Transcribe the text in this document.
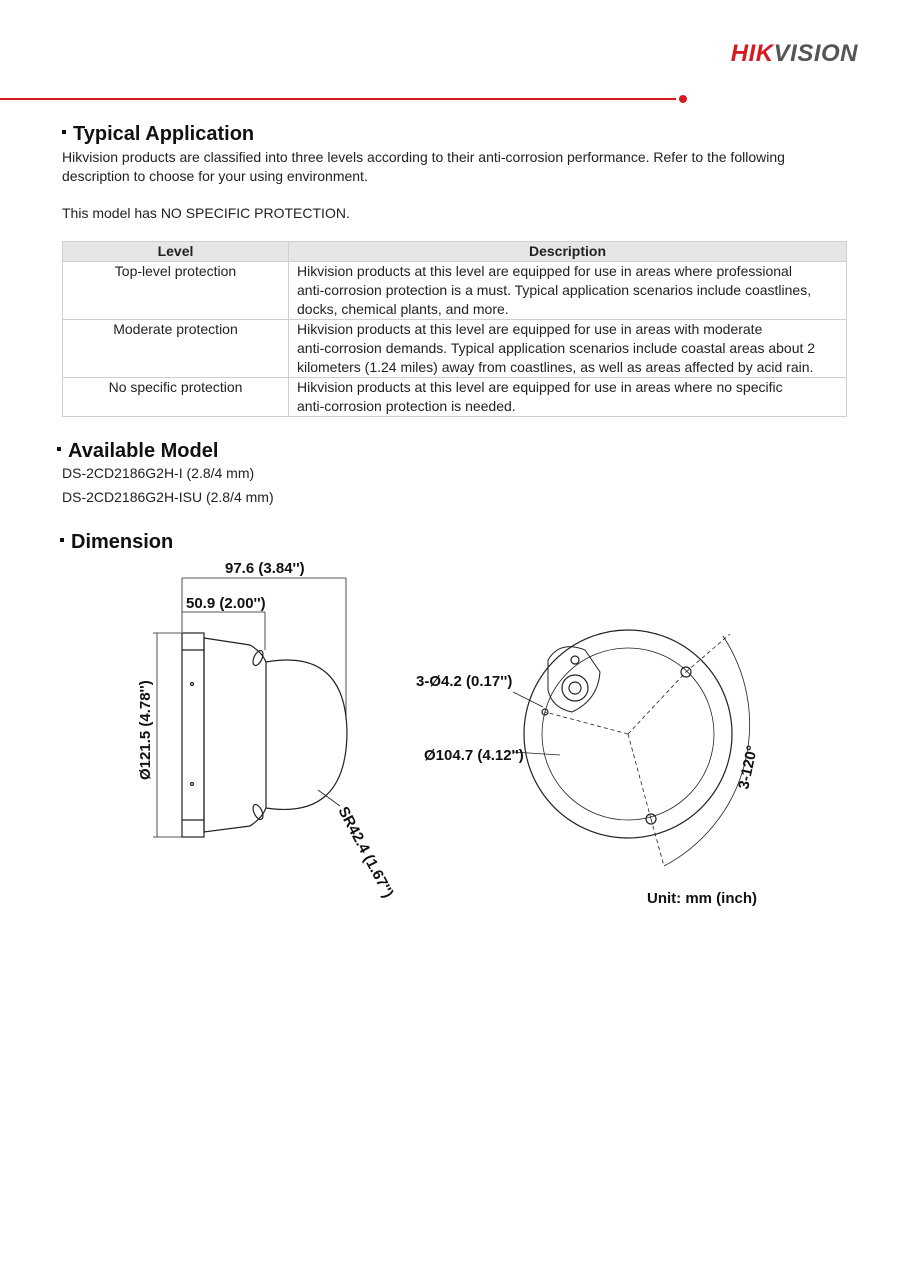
HIKVISION
Typical Application
Hikvision products are classified into three levels according to their anti-corrosion performance. Refer to the following
description to choose for your using environment.
This model has NO SPECIFIC PROTECTION.
Level	Description
Top-level protection	Hikvision products at this level are equipped for use in areas where professional
anti-corrosion protection is a must. Typical application scenarios include coastlines,
docks, chemical plants, and more.

Moderate protection	Hikvision products at this level are equipped for use in areas with moderate
anti-corrosion demands. Typical application scenarios include coastal areas about 2
kilometers (1.24 miles) away from coastlines, as well as areas affected by acid rain.

No specific protection	Hikvision products at this level are equipped for use in areas where no specific
anti-corrosion protection is needed.
Available Model
DS-2CD2186G2H-I (2.8/4 mm)
DS-2CD2186G2H-ISU (2.8/4 mm)
Dimension
97.6 (3.84'')
50.9 (2.00'')
Ø121.5 (4.78'')
SR42.4 (1.67'')
3-Ø4.2 (0.17'')
Ø104.7 (4.12'')	3-120°
Unit: mm (inch)
